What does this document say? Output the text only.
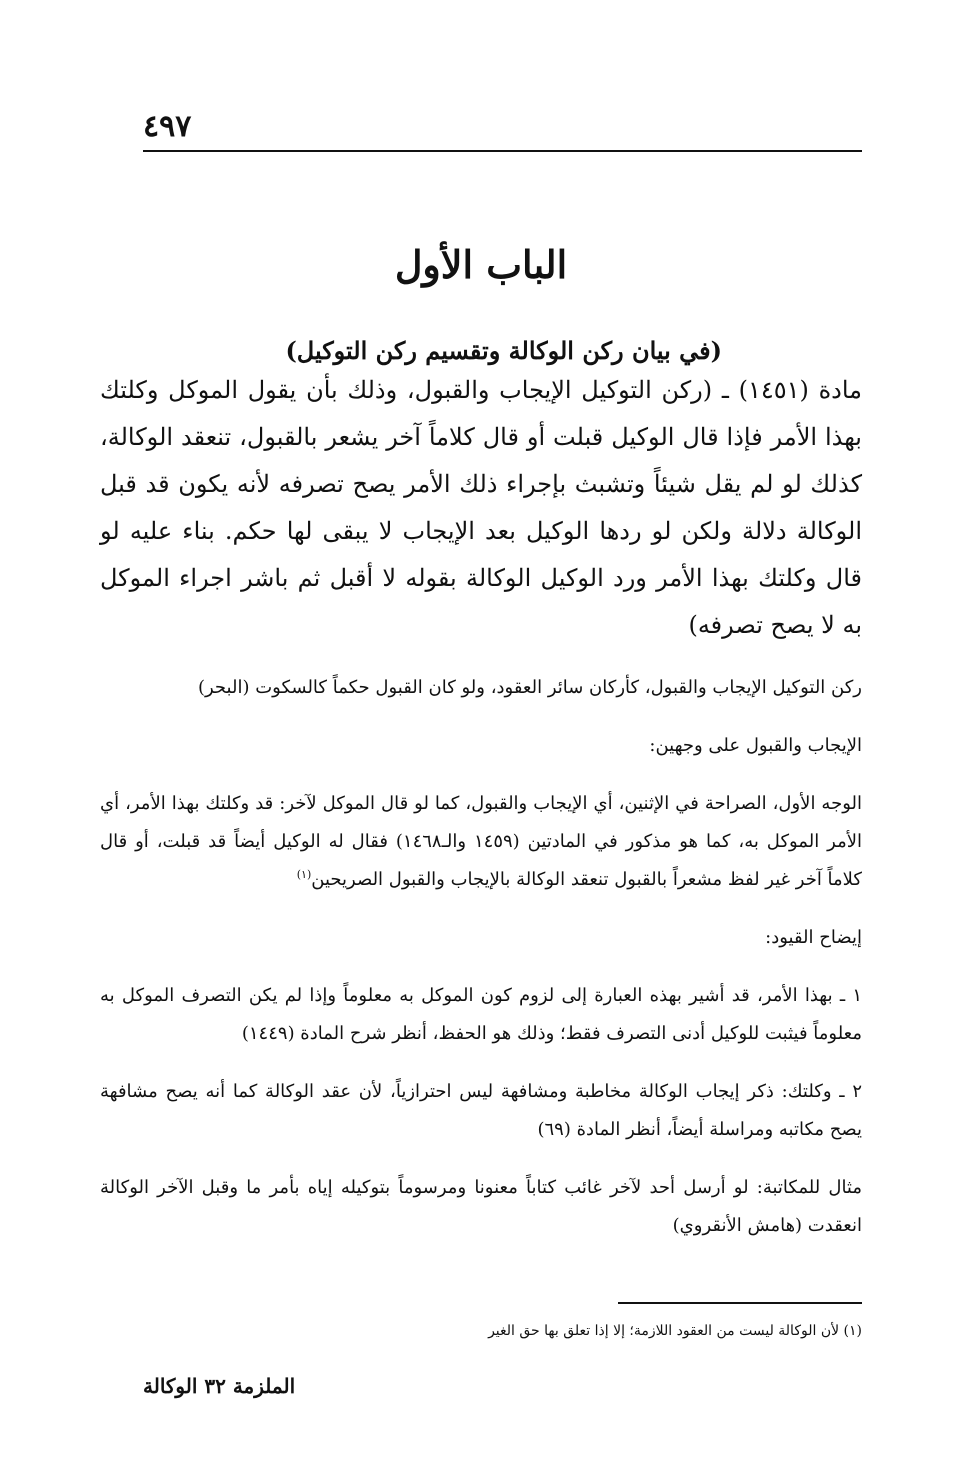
٤٩٧
الباب الأول
(في بيان ركن الوكالة وتقسيم ركن التوكيل)

مادة (١٤٥١) ـ (ركن التوكيل الإيجاب والقبول، وذلك بأن يقول الموكل وكلتك بهذا الأمر فإذا قال الوكيل قبلت أو قال كلاماً آخر يشعر بالقبول، تنعقد الوكالة، كذلك لو لم يقل شيئاً وتشبث بإجراء ذلك الأمر يصح تصرفه لأنه يكون قد قبل الوكالة دلالة ولكن لو ردها الوكيل بعد الإيجاب لا يبقى لها حكم. بناء عليه لو قال وكلتك بهذا الأمر ورد الوكيل الوكالة بقوله لا أقبل ثم باشر اجراء الموكل به لا يصح تصرفه)

ركن التوكيل الإيجاب والقبول، كأركان سائر العقود، ولو كان القبول حكماً كالسكوت (البحر)

الإيجاب والقبول على وجهين:

الوجه الأول، الصراحة في الإثنين، أي الإيجاب والقبول، كما لو قال الموكل لآخر: قد وكلتك بهذا الأمر، أي الأمر الموكل به، كما هو مذكور في المادتين (١٤٥٩ والـ١٤٦٨) فقال له الوكيل أيضاً قد قبلت، أو قال كلاماً آخر غير لفظ مشعراً بالقبول تنعقد الوكالة بالإيجاب والقبول الصريحين$^{(١)}$

إيضاح القيود:

١ ـ بهذا الأمر، قد أشير بهذه العبارة إلى لزوم كون الموكل به معلوماً وإذا لم يكن التصرف الموكل به معلوماً فيثبت للوكيل أدنى التصرف فقط؛ وذلك هو الحفظ، أنظر شرح المادة (١٤٤٩)

٢ ـ وكلتك: ذكر إيجاب الوكالة مخاطبة ومشافهة ليس احترازياً، لأن عقد الوكالة كما أنه يصح مشافهة يصح مكاتبه ومراسلة أيضاً، أنظر المادة (٦٩)

مثال للمكاتبة: لو أرسل أحد لآخر غائب كتاباً معنونا ومرسوماً بتوكيله إياه بأمر ما وقبل الآخر الوكالة انعقدت (هامش الأنقروي)

(١) لأن الوكالة ليست من العقود اللازمة؛ إلا إذا تعلق بها حق الغير
الملزمة ٣٢ الوكالة
